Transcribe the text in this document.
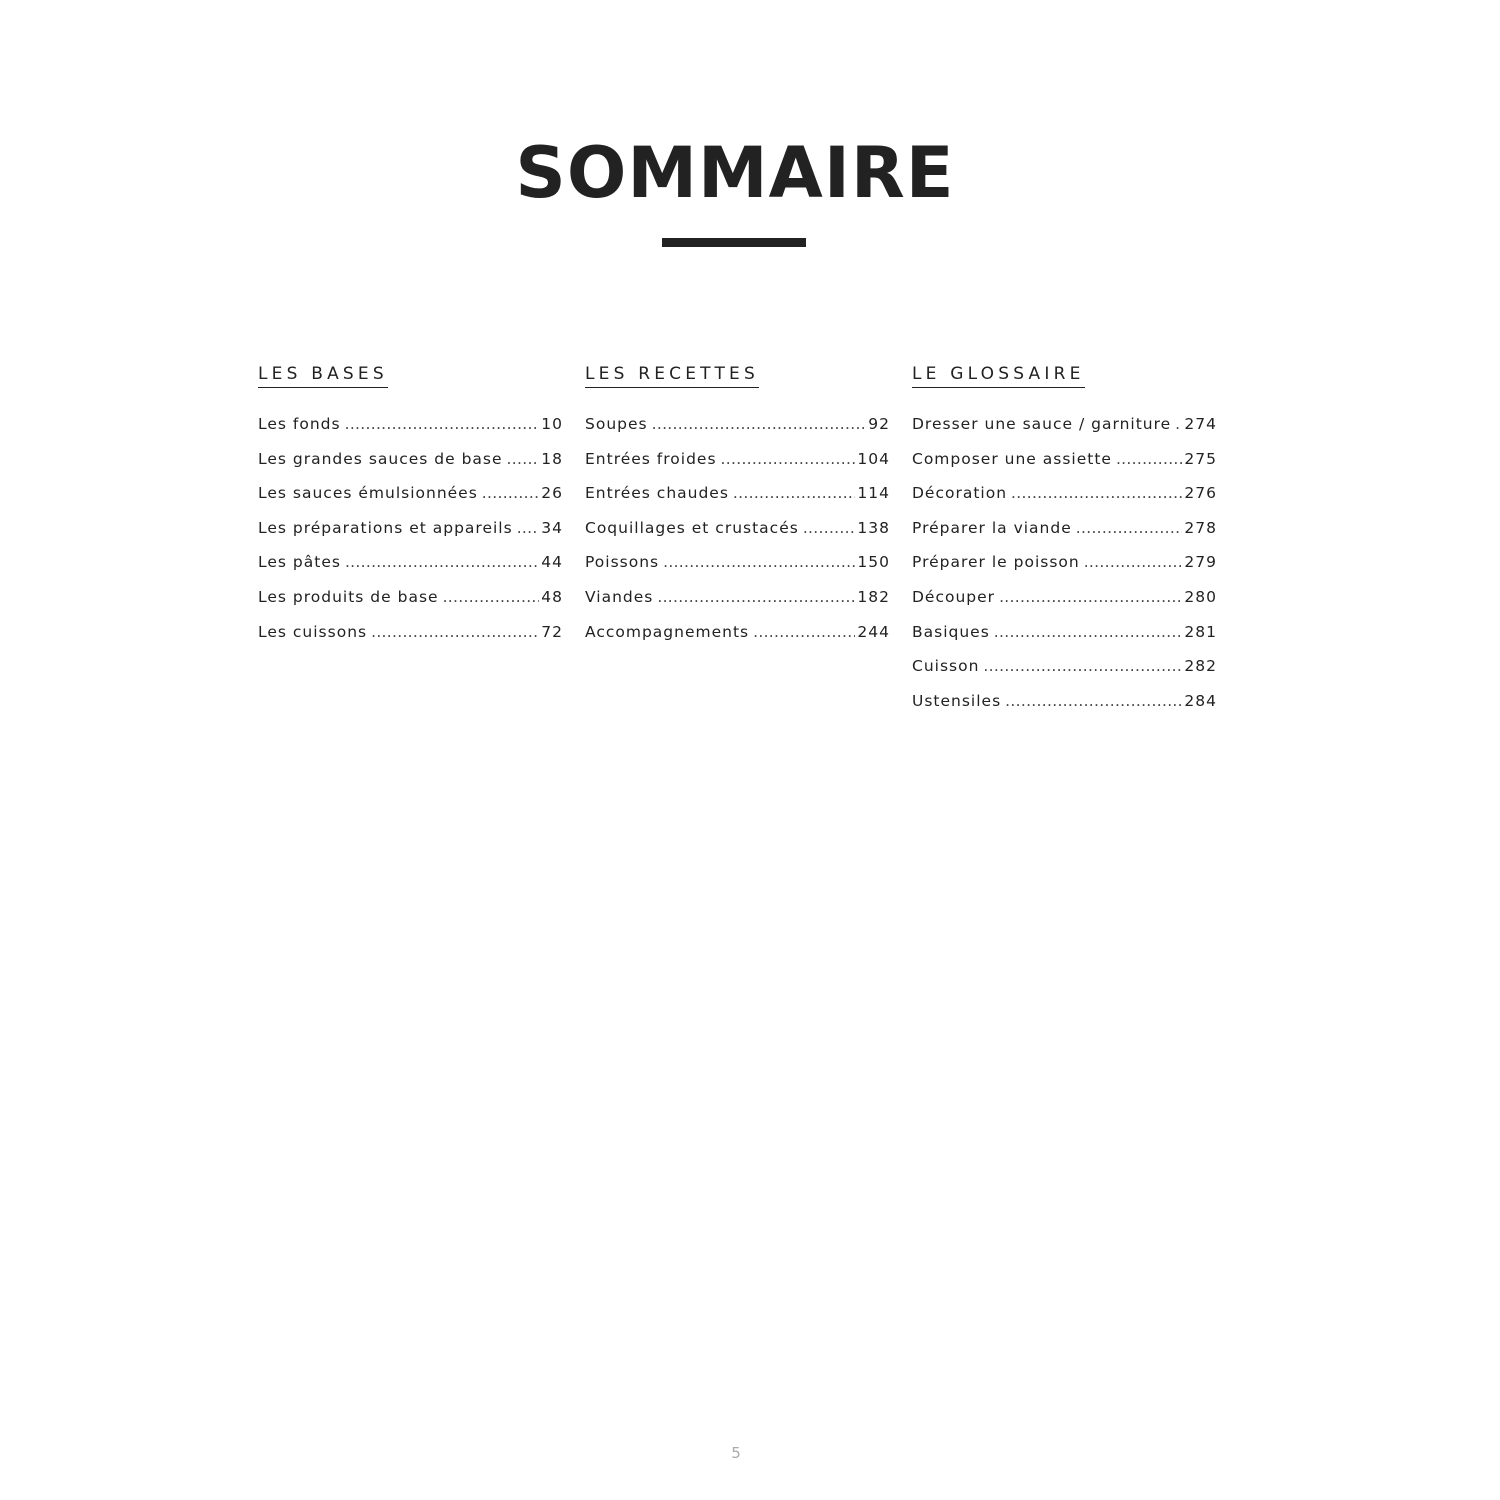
SOMMAIRE
LES BASES
Les fonds .....	10
Les grandes sauces de base ..... 18
Les sauces émulsionnées .....	26
Les préparations et appareils ..... 34
Les pâtes .....	44
Les produits de base .....	48
Les cuissons .....	72
LES RECETTES
Soupes .....	92
Entrées froides .....	104
Entrées chaudes .....	114
Coquillages et crustacés .....	138
Poissons .....	150
Viandes .....	182
Accompagnements .....	244
LE GLOSSAIRE
Dresser une sauce / garniture ..... 274
Composer une assiette .....	275
Décoration .....	276
Préparer la viande .....	278
Préparer le poisson .....	279
Découper .....	280
Basiques .....	281
Cuisson .....	282
Ustensiles .....	284
5
